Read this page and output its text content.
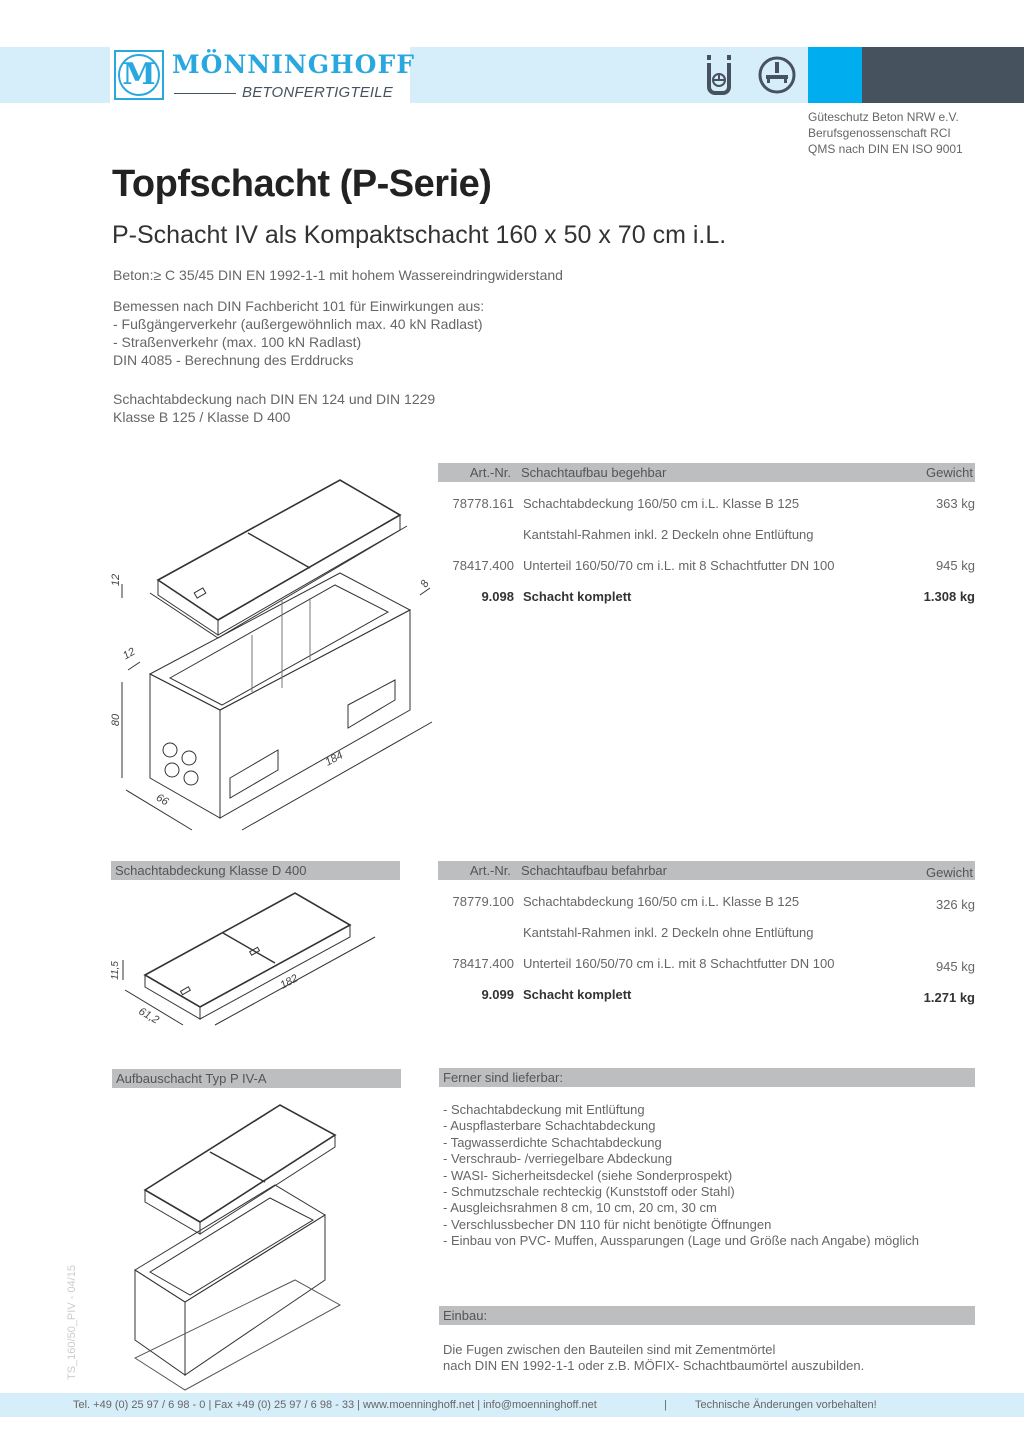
M MÖNNINGHOFF
BETONFERTIGTEILE
Güteschutz Beton NRW e.V.
Berufsgenossenschaft RCI
QMS nach DIN EN ISO 9001
Topfschacht (P-Serie)
P-Schacht IV als Kompaktschacht 160 x 50 x 70 cm i.L.
Beton:≥ C 35/45 DIN EN 1992-1-1 mit hohem Wassereindringwiderstand
Bemessen nach DIN Fachbericht 101 für Einwirkungen aus:
- Fußgängerverkehr (außergewöhnlich max. 40 kN Radlast)
- Straßenverkehr (max. 100 kN Radlast)
DIN 4085 - Berechnung des Erddrucks
Schachtabdeckung nach DIN EN 124 und DIN 1229
Klasse B 125 / Klasse D 400
12	8
12
80
66
184
Art.-Nr. Schachtaufbau begehbar	Gewicht
78778.161 Schachtabdeckung 160/50 cm i.L. Klasse B 125	363 kg
Kantstahl-Rahmen inkl. 2 Deckeln ohne Entlüftung
78417.400 Unterteil 160/50/70 cm i.L. mit 8 Schachtfutter DN 100	945 kg
9.098 Schacht komplett	1.308 kg
Schachtabdeckung Klasse D 400
11,5
61,2
182
Art.-Nr. Schachtaufbau befahrbar	Gewicht
78779.100 Schachtabdeckung 160/50 cm i.L. Klasse B 125	326 kg
Kantstahl-Rahmen inkl. 2 Deckeln ohne Entlüftung
78417.400 Unterteil 160/50/70 cm i.L. mit 8 Schachtfutter DN 100	945 kg
9.099 Schacht komplett	1.271 kg
Aufbauschacht Typ P IV-A	Ferner sind lieferbar:
- Schachtabdeckung mit Entlüftung
- Auspflasterbare Schachtabdeckung
- Tagwasserdichte Schachtabdeckung
- Verschraub- /verriegelbare Abdeckung
- WASI- Sicherheitsdeckel (siehe Sonderprospekt)
- Schmutzschale rechteckig (Kunststoff oder Stahl)
- Ausgleichsrahmen 8 cm, 10 cm, 20 cm, 30 cm
- Verschlussbecher DN 110 für nicht benötigte Öffnungen
- Einbau von PVC- Muffen, Aussparungen (Lage und Größe nach Angabe) möglich
Einbau:
Die Fugen zwischen den Bauteilen sind mit Zementmörtel
nach DIN EN 1992-1-1 oder z.B. MÖFIX- Schachtbaumörtel auszubilden.
TS_160/50_PIV - 04/15
Tel. +49 (0) 25 97 / 6 98 - 0 | Fax +49 (0) 25 97 / 6 98 - 33 | www.moenninghoff.net | info@moenninghoff.net	|	Technische Änderungen vorbehalten!
